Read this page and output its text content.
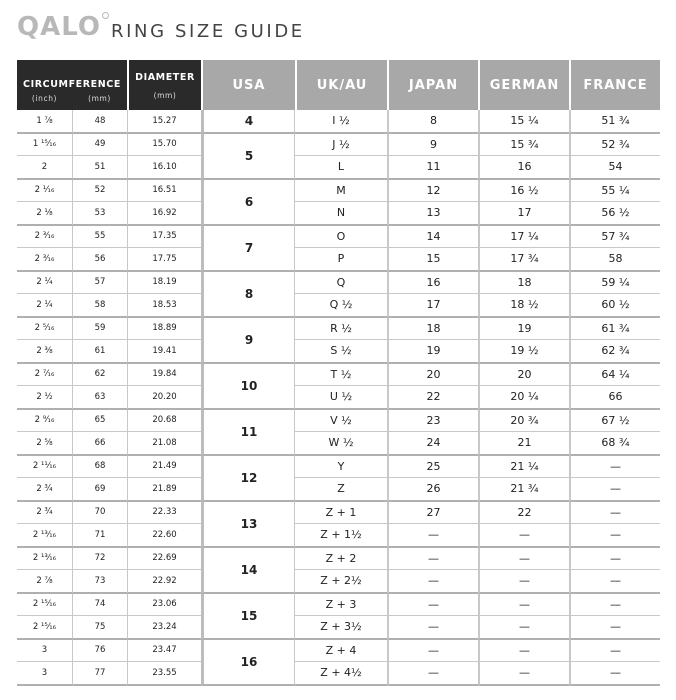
QALO RING SIZE GUIDE
CIRCUMFERENCE		DIAMETER
(mm)	USA	UK/AU	JAPAN	GERMAN	FRANCE
(inch)	(mm)						
1 ⅞	48	15.27	4	I ½	8	15 ¼	51 ¾
1 ¹⁵⁄₁₆	49	15.70	5	J ½	9	15 ¾	52 ¾
2	51	16.10		L	11	16	54
2 ¹⁄₁₆	52	16.51	6	M	12	16 ½	55 ¼
2 ⅛	53	16.92		N	13	17	56 ½
2 ³⁄₁₆	55	17.35	7	O	14	17 ¼	57 ¾
2 ³⁄₁₆	56	17.75		P	15	17 ¾	58
2 ¼	57	18.19	8	Q	16	18	59 ¼
2 ¼	58	18.53		Q ½	17	18 ½	60 ½
2 ⁵⁄₁₆	59	18.89	9	R ½	18	19	61 ¾
2 ⅜	61	19.41		S ½	19	19 ½	62 ¾
2 ⁷⁄₁₆	62	19.84	10	T ½	20	20	64 ¼
2 ½	63	20.20		U ½	22	20 ¼	66
2 ⁹⁄₁₆	65	20.68	11	V ½	23	20 ¾	67 ½
2 ⅝	66	21.08		W ½	24	21	68 ¾
2 ¹¹⁄₁₆	68	21.49	12	Y	25	21 ¼	—
2 ¾	69	21.89		Z	26	21 ¾	—
2 ¾	70	22.33	13	Z + 1	27	22	—
2 ¹³⁄₁₆	71	22.60		Z + 1½	—	—	—
2 ¹³⁄₁₆	72	22.69	14	Z + 2	—	—	—
2 ⅞	73	22.92		Z + 2½	—	—	—
2 ¹⁵⁄₁₆	74	23.06	15	Z + 3	—	—	—
2 ¹⁵⁄₁₆	75	23.24		Z + 3½	—	—	—
3	76	23.47	16	Z + 4	—	—	—
3	77	23.55		Z + 4½	—	—	—
